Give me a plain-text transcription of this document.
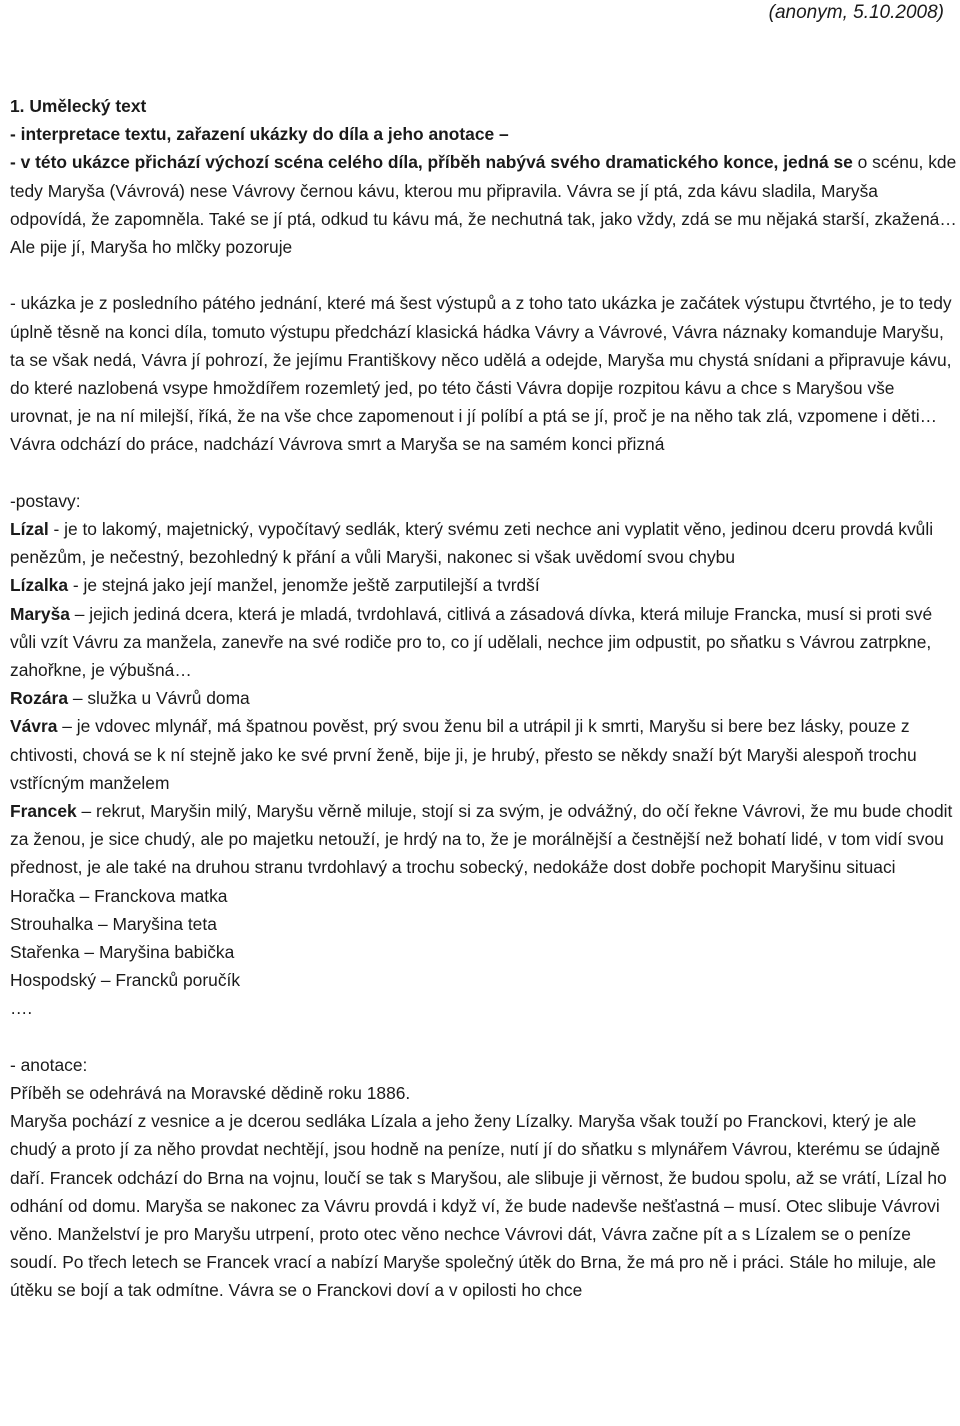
(anonym, 5.10.2008)

1. Umělecký text

- interpretace textu, zařazení ukázky do díla a jeho anotace –

- v této ukázce přichází výchozí scéna celého díla, příběh nabývá svého dramatického konce, jedná se o scénu, kde tedy Maryša (Vávrová) nese Vávrovy černou kávu, kterou mu připravila. Vávra se jí ptá, zda kávu sladila, Maryša odpovídá, že zapomněla. Také se jí ptá, odkud tu kávu má, že nechutná tak, jako vždy, zdá se mu nějaká starší, zkažená… Ale pije jí, Maryša ho mlčky pozoruje

- ukázka je z posledního pátého jednání, které má šest výstupů a z toho tato ukázka je začátek výstupu čtvrtého, je to tedy úplně těsně na konci díla, tomuto výstupu předchází klasická hádka Vávry a Vávrové, Vávra náznaky komanduje Maryšu, ta se však nedá, Vávra jí pohrozí, že jejímu Františkovy něco udělá a odejde, Maryša mu chystá snídani a připravuje kávu, do které nazlobená vsype hmoždířem rozemletý jed, po této části Vávra dopije rozpitou kávu a chce s Maryšou vše urovnat, je na ní milejší, říká, že na vše chce zapomenout i jí políbí a ptá se jí, proč je na něho tak zlá, vzpomene i děti… Vávra odchází do práce, nadchází Vávrova smrt a Maryša se na samém konci přizná

-postavy:

Lízal - je to lakomý, majetnický, vypočítavý sedlák, který svému zeti nechce ani vyplatit věno, jedinou dceru provdá kvůli penězům, je nečestný, bezohledný k přání a vůli Maryši, nakonec si však uvědomí svou chybu

Lízalka - je stejná jako její manžel, jenomže ještě zarputilejší a tvrdší

Maryša – jejich jediná dcera, která je mladá, tvrdohlavá, citlivá a zásadová dívka, která miluje Francka, musí si proti své vůli vzít Vávru za manžela, zanevře na své rodiče pro to, co jí udělali, nechce jim odpustit, po sňatku s Vávrou zatrpkne, zahořkne, je výbušná…

Rozára – služka u Vávrů doma

Vávra – je vdovec mlynář, má špatnou pověst, prý svou ženu bil a utrápil ji k smrti, Maryšu si bere bez lásky, pouze z chtivosti, chová se k ní stejně jako ke své první ženě, bije ji, je hrubý, přesto se někdy snaží být Maryši alespoň trochu vstřícným manželem

Francek – rekrut, Maryšin milý, Maryšu věrně miluje, stojí si za svým, je odvážný, do očí řekne Vávrovi, že mu bude chodit za ženou, je sice chudý, ale po majetku netouží, je hrdý na to, že je morálnější a čestnější než bohatí lidé, v tom vidí svou přednost, je ale také na druhou stranu tvrdohlavý a trochu sobecký, nedokáže dost dobře pochopit Maryšinu situaci

Horačka – Franckova matka

Strouhalka – Maryšina teta

Stařenka – Maryšina babička

Hospodský – Francků poručík

….

- anotace:

Příběh se odehrává na Moravské dědině roku 1886.

Maryša pochází z vesnice a je dcerou sedláka Lízala a jeho ženy Lízalky. Maryša však touží po Franckovi, který je ale chudý a proto jí za něho provdat nechtějí, jsou hodně na peníze, nutí jí do sňatku s mlynářem Vávrou, kterému se údajně daří. Francek odchází do Brna na vojnu, loučí se tak s Maryšou, ale slibuje ji věrnost, že budou spolu, až se vrátí, Lízal ho odhání od domu. Maryša se nakonec za Vávru provdá i když ví, že bude nadevše nešťastná – musí. Otec slibuje Vávrovi věno. Manželství je pro Maryšu utrpení, proto otec věno nechce Vávrovi dát, Vávra začne pít a s Lízalem se o peníze soudí. Po třech letech se Francek vrací a nabízí Maryše společný útěk do Brna, že má pro ně i práci. Stále ho miluje, ale útěku se bojí a tak odmítne. Vávra se o Franckovi doví a v opilosti ho chce
